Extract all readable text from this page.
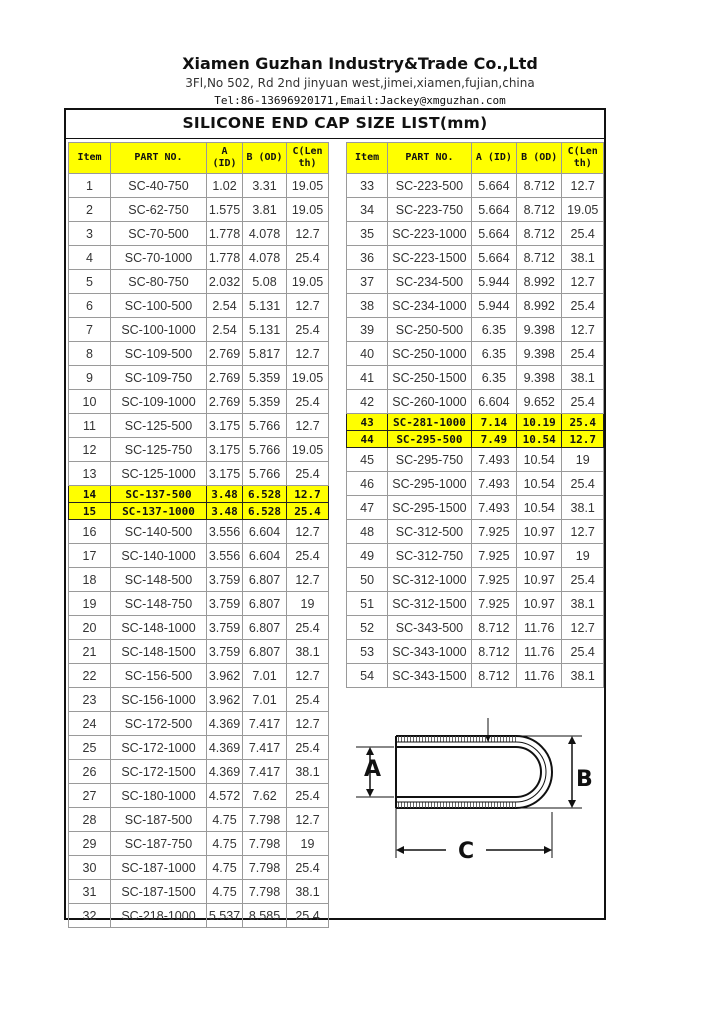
Xiamen Guzhan Industry&Trade Co.,Ltd
3Fl,No 502, Rd 2nd jinyuan west,jimei,xiamen,fujian,china
Tel:86-13696920171,Email:Jackey@xmguzhan.com
SILICONE END CAP SIZE LIST(mm)
Item	PART NO.	A (ID)	B (OD)	C(Len th)
1	SC-40-750	1.02	3.31	19.05
2	SC-62-750	1.575	3.81	19.05
3	SC-70-500	1.778	4.078	12.7
4	SC-70-1000	1.778	4.078	25.4
5	SC-80-750	2.032	5.08	19.05
6	SC-100-500	2.54	5.131	12.7
7	SC-100-1000	2.54	5.131	25.4
8	SC-109-500	2.769	5.817	12.7
9	SC-109-750	2.769	5.359	19.05
10	SC-109-1000	2.769	5.359	25.4
11	SC-125-500	3.175	5.766	12.7
12	SC-125-750	3.175	5.766	19.05
13	SC-125-1000	3.175	5.766	25.4
14	SC-137-500	3.48	6.528	12.7
15	SC-137-1000	3.48	6.528	25.4
16	SC-140-500	3.556	6.604	12.7
17	SC-140-1000	3.556	6.604	25.4
18	SC-148-500	3.759	6.807	12.7
19	SC-148-750	3.759	6.807	19
20	SC-148-1000	3.759	6.807	25.4
21	SC-148-1500	3.759	6.807	38.1
22	SC-156-500	3.962	7.01	12.7
23	SC-156-1000	3.962	7.01	25.4
24	SC-172-500	4.369	7.417	12.7
25	SC-172-1000	4.369	7.417	25.4
26	SC-172-1500	4.369	7.417	38.1
27	SC-180-1000	4.572	7.62	25.4
28	SC-187-500	4.75	7.798	12.7
29	SC-187-750	4.75	7.798	19
30	SC-187-1000	4.75	7.798	25.4
31	SC-187-1500	4.75	7.798	38.1
32	SC-218-1000	5.537	8.585	25.4
Item	PART NO.	A (ID)	B (OD)	C(Len th)
33	SC-223-500	5.664	8.712	12.7
34	SC-223-750	5.664	8.712	19.05
35	SC-223-1000	5.664	8.712	25.4
36	SC-223-1500	5.664	8.712	38.1
37	SC-234-500	5.944	8.992	12.7
38	SC-234-1000	5.944	8.992	25.4
39	SC-250-500	6.35	9.398	12.7
40	SC-250-1000	6.35	9.398	25.4
41	SC-250-1500	6.35	9.398	38.1
42	SC-260-1000	6.604	9.652	25.4
43	SC-281-1000	7.14	10.19	25.4
44	SC-295-500	7.49	10.54	12.7
45	SC-295-750	7.493	10.54	19
46	SC-295-1000	7.493	10.54	25.4
47	SC-295-1500	7.493	10.54	38.1
48	SC-312-500	7.925	10.97	12.7
49	SC-312-750	7.925	10.97	19
50	SC-312-1000	7.925	10.97	25.4
51	SC-312-1500	7.925	10.97	38.1
52	SC-343-500	8.712	11.76	12.7
53	SC-343-1000	8.712	11.76	25.4
54	SC-343-1500	8.712	11.76	38.1
A	B
C
